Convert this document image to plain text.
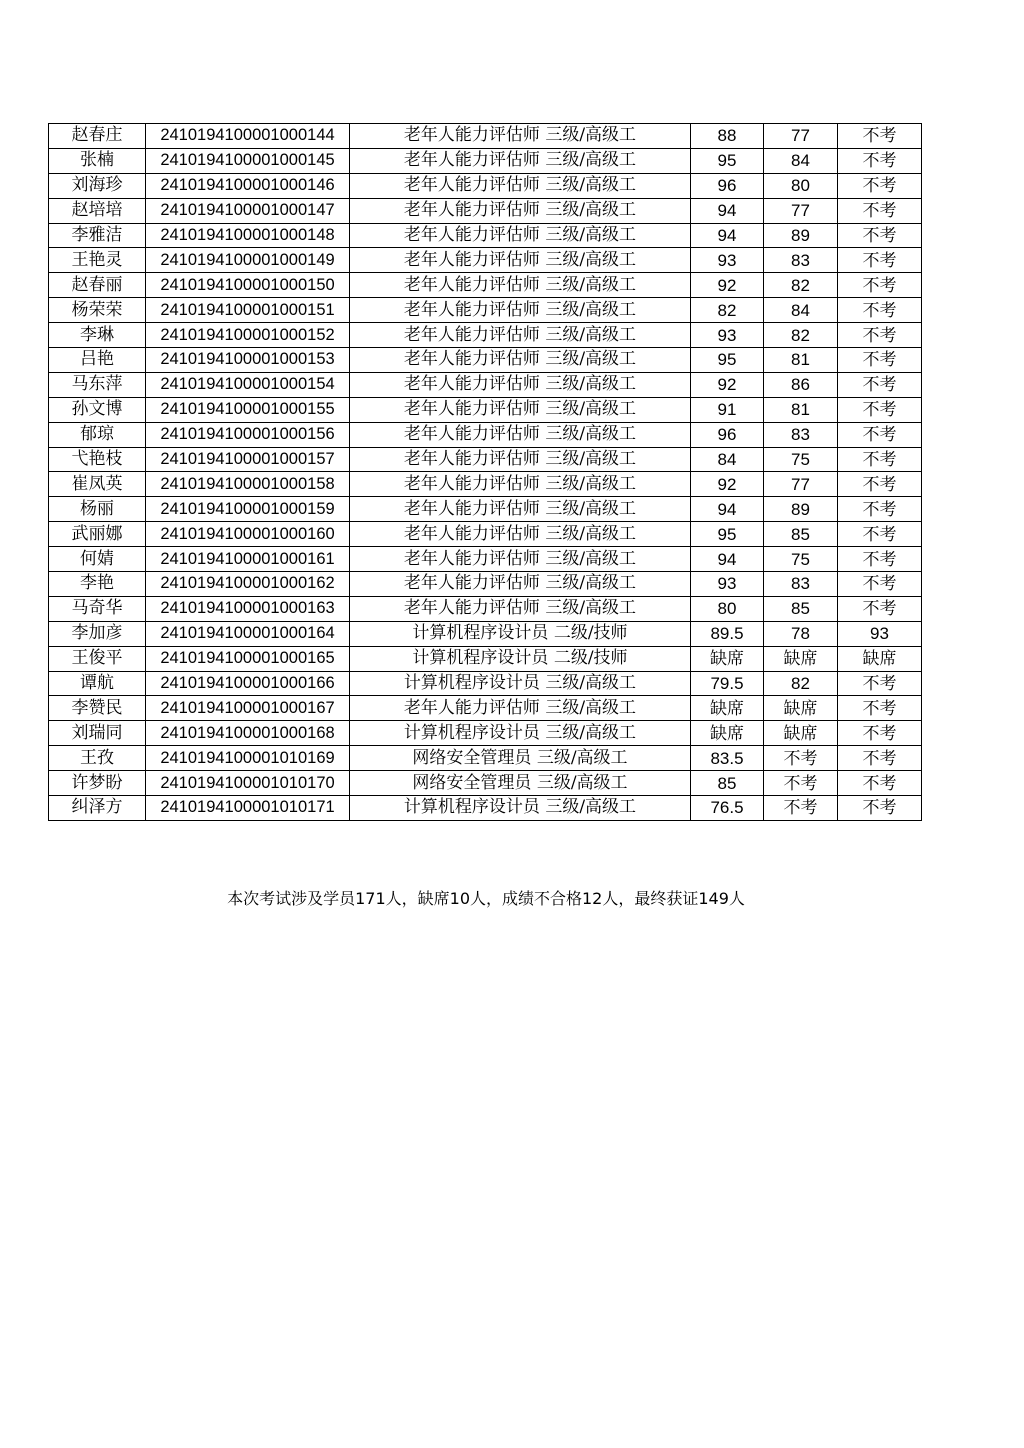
赵春庄	2410194100001000144	老年人能力评估师 三级/高级工	88	77	不考
张楠	2410194100001000145	老年人能力评估师 三级/高级工	95	84	不考
刘海珍	2410194100001000146	老年人能力评估师 三级/高级工	96	80	不考
赵培培	2410194100001000147	老年人能力评估师 三级/高级工	94	77	不考
李雅洁	2410194100001000148	老年人能力评估师 三级/高级工	94	89	不考
王艳灵	2410194100001000149	老年人能力评估师 三级/高级工	93	83	不考
赵春丽	2410194100001000150	老年人能力评估师 三级/高级工	92	82	不考
杨荣荣	2410194100001000151	老年人能力评估师 三级/高级工	82	84	不考
李琳	2410194100001000152	老年人能力评估师 三级/高级工	93	82	不考
吕艳	2410194100001000153	老年人能力评估师 三级/高级工	95	81	不考
马东萍	2410194100001000154	老年人能力评估师 三级/高级工	92	86	不考
孙文博	2410194100001000155	老年人能力评估师 三级/高级工	91	81	不考
郁琼	2410194100001000156	老年人能力评估师 三级/高级工	96	83	不考
弋艳枝	2410194100001000157	老年人能力评估师 三级/高级工	84	75	不考
崔凤英	2410194100001000158	老年人能力评估师 三级/高级工	92	77	不考
杨丽	2410194100001000159	老年人能力评估师 三级/高级工	94	89	不考
武丽娜	2410194100001000160	老年人能力评估师 三级/高级工	95	85	不考
何婧	2410194100001000161	老年人能力评估师 三级/高级工	94	75	不考
李艳	2410194100001000162	老年人能力评估师 三级/高级工	93	83	不考
马奇华	2410194100001000163	老年人能力评估师 三级/高级工	80	85	不考
李加彦	2410194100001000164	计算机程序设计员 二级/技师	89.5	78	93
王俊平	2410194100001000165	计算机程序设计员 二级/技师	缺席	缺席	缺席
谭航	2410194100001000166	计算机程序设计员 三级/高级工	79.5	82	不考
李赞民	2410194100001000167	老年人能力评估师 三级/高级工	缺席	缺席	不考
刘瑞同	2410194100001000168	计算机程序设计员 三级/高级工	缺席	缺席	不考
王孜	2410194100001010169	网络安全管理员 三级/高级工	83.5	不考	不考
许梦盼	2410194100001010170	网络安全管理员 三级/高级工	85	不考	不考
纠泽方	2410194100001010171	计算机程序设计员 三级/高级工	76.5	不考	不考
本次考试涉及学员171人，缺席10人，成绩不合格12人，最终获证149人
